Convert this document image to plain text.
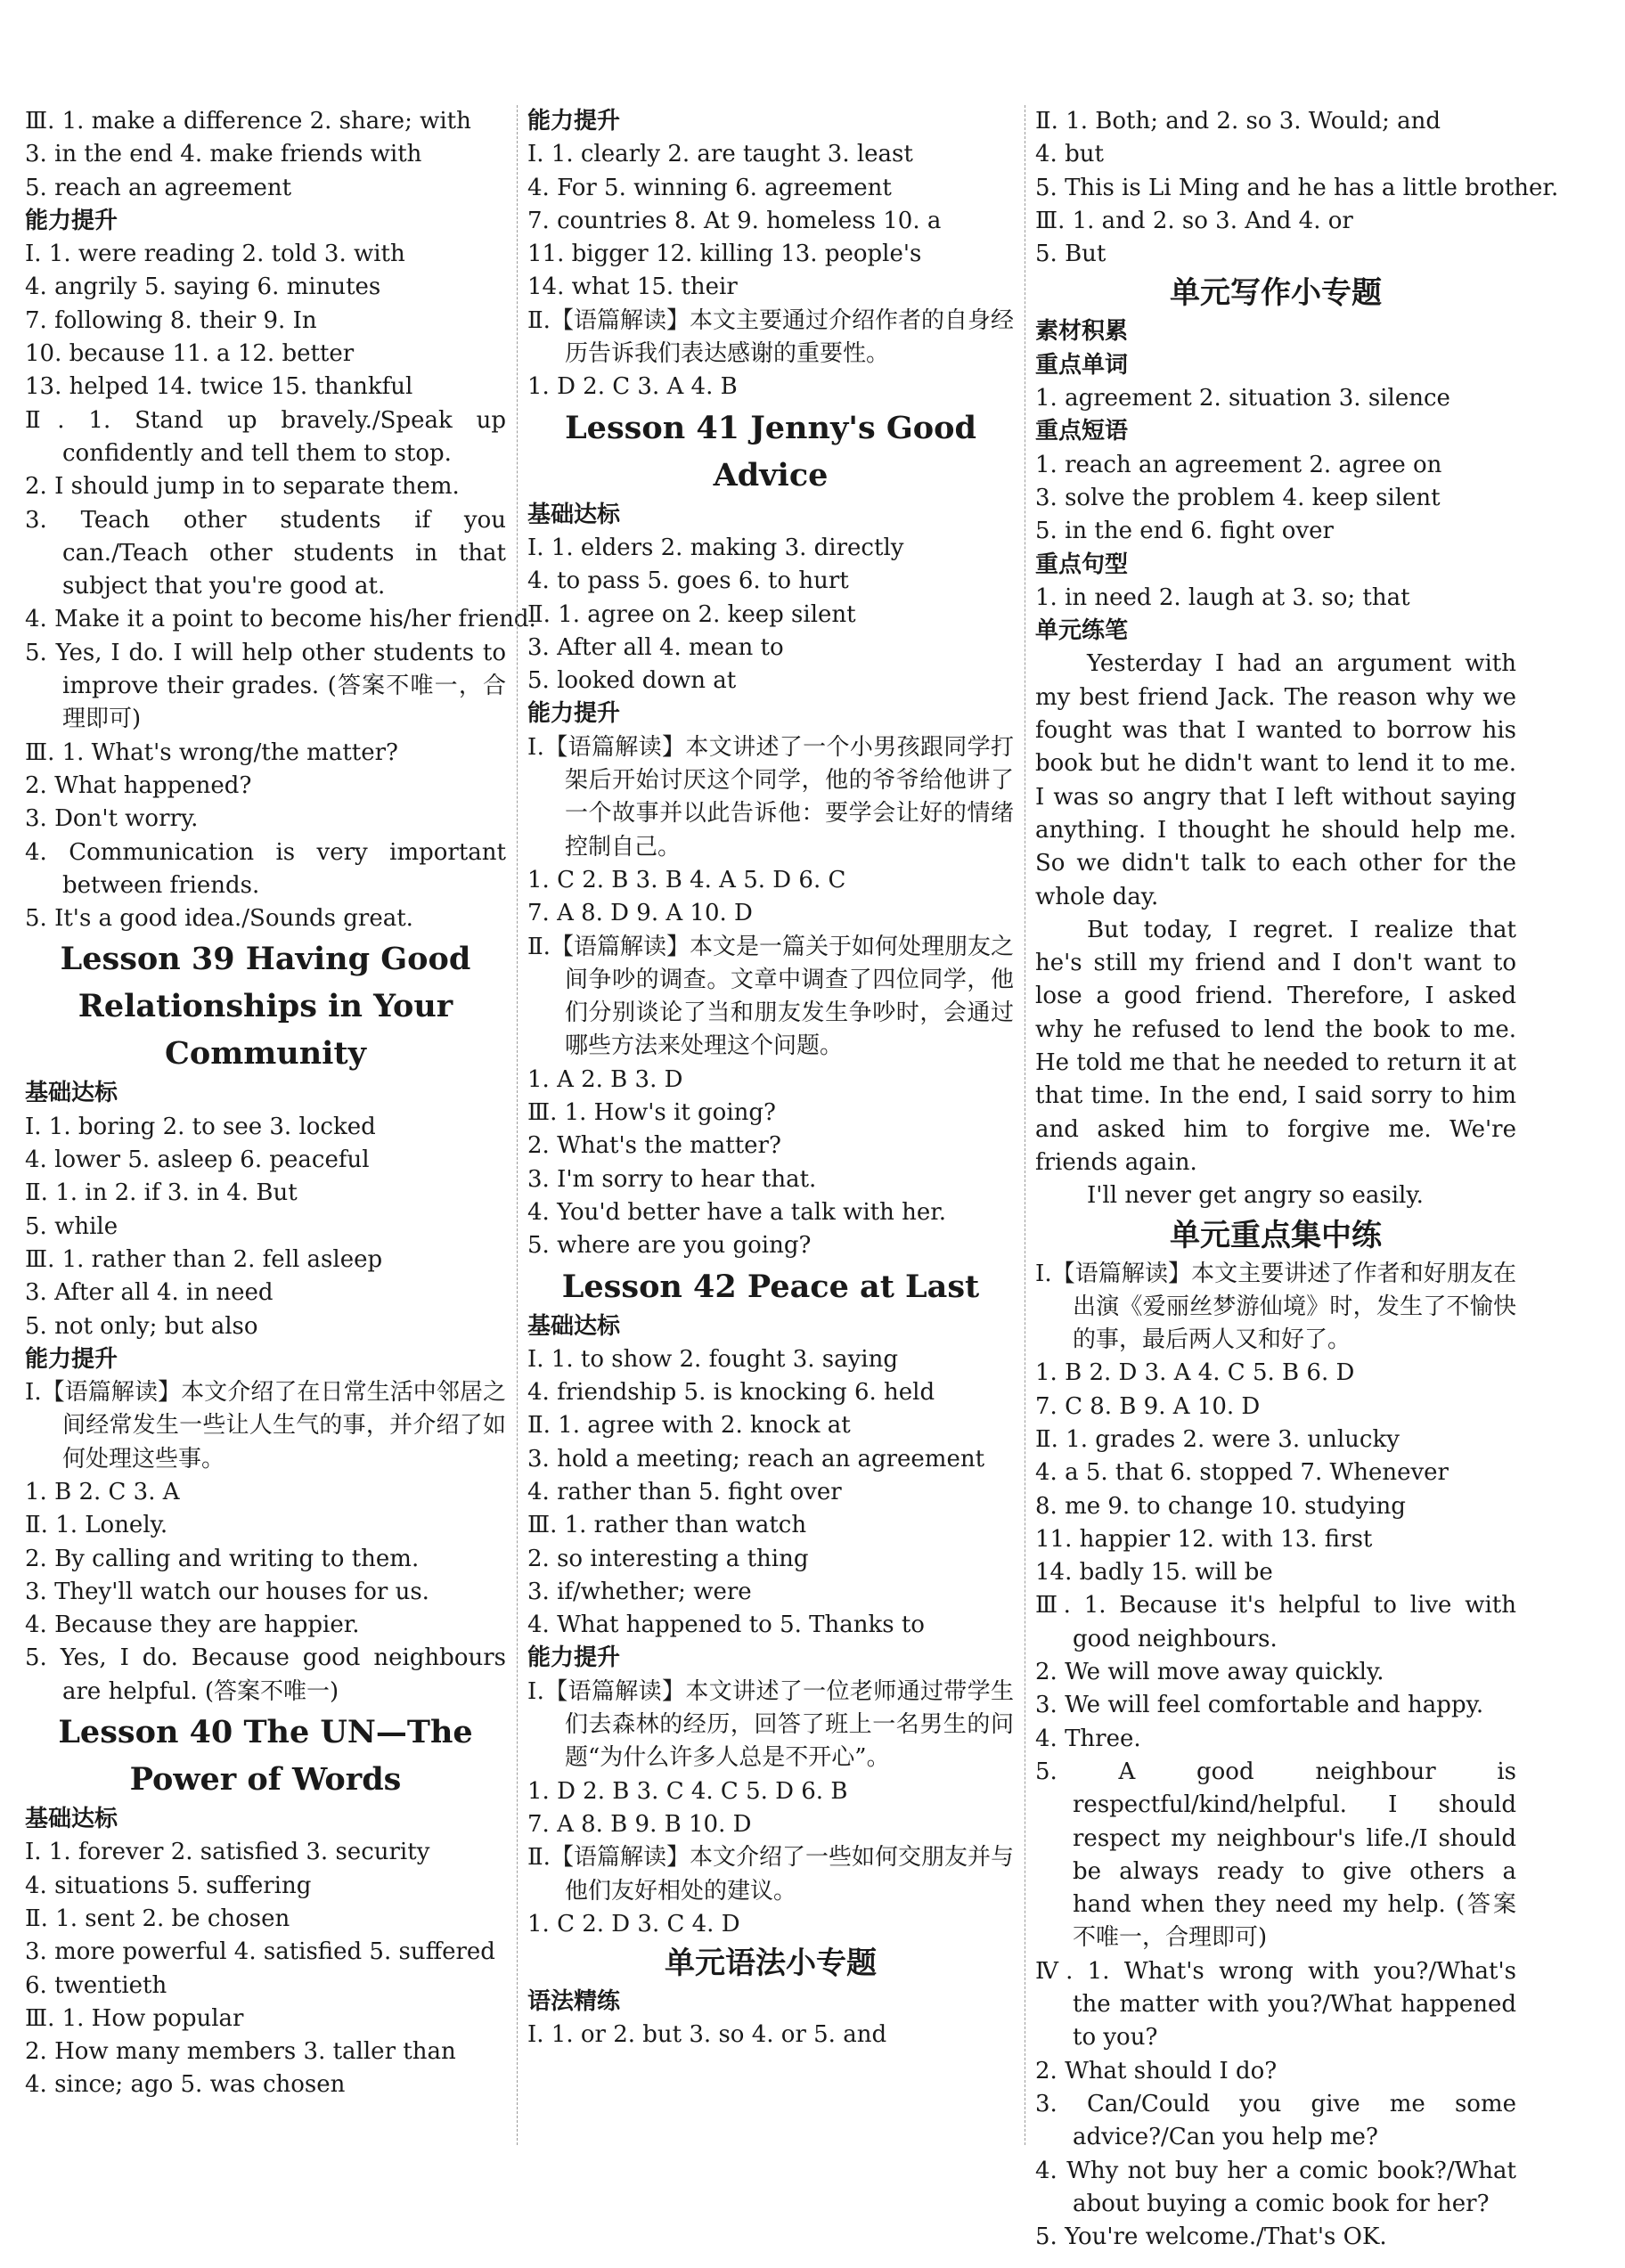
Ⅲ. 1. make a difference 2. share; with
3. in the end 4. make friends with
5. reach an agreement
能力提升
Ⅰ. 1. were reading 2. told 3. with
4. angrily 5. saying 6. minutes
7. following 8. their 9. In
10. because 11. a 12. better
13. helped 14. twice 15. thankful
Ⅱ. 1. Stand up bravely./Speak up confidently and tell them to stop.
2. I should jump in to separate them.
3. Teach other students if you can./Teach other students in that subject that you're good at.
4. Make it a point to become his/her friend.
5. Yes, I do. I will help other students to improve their grades. (答案不唯一，合理即可)
Ⅲ. 1. What's wrong/the matter?
2. What happened?
3. Don't worry.
4. Communication is very important between friends.
5. It's a good idea./Sounds great.
Lesson 39 Having Good Relationships in Your Community
基础达标
Ⅰ. 1. boring 2. to see 3. locked
4. lower 5. asleep 6. peaceful
Ⅱ. 1. in 2. if 3. in 4. But
5. while
Ⅲ. 1. rather than 2. fell asleep
3. After all 4. in need
5. not only; but also
能力提升
Ⅰ.【语篇解读】本文介绍了在日常生活中邻居之间经常发生一些让人生气的事，并介绍了如何处理这些事。
1. B 2. C 3. A
Ⅱ. 1. Lonely.
2. By calling and writing to them.
3. They'll watch our houses for us.
4. Because they are happier.
5. Yes, I do. Because good neighbours are helpful. (答案不唯一)
Lesson 40 The UN—The Power of Words
基础达标
Ⅰ. 1. forever 2. satisfied 3. security
4. situations 5. suffering
Ⅱ. 1. sent 2. be chosen
3. more powerful 4. satisfied 5. suffered
6. twentieth
Ⅲ. 1. How popular
2. How many members 3. taller than
4. since; ago 5. was chosen
能力提升
Ⅰ. 1. clearly 2. are taught 3. least
4. For 5. winning 6. agreement
7. countries 8. At 9. homeless 10. a
11. bigger 12. killing 13. people's
14. what 15. their
Ⅱ.【语篇解读】本文主要通过介绍作者的自身经历告诉我们表达感谢的重要性。
1. D 2. C 3. A 4. B
Lesson 41 Jenny's Good Advice
基础达标
Ⅰ. 1. elders 2. making 3. directly
4. to pass 5. goes 6. to hurt
Ⅱ. 1. agree on 2. keep silent
3. After all 4. mean to
5. looked down at
能力提升
Ⅰ.【语篇解读】本文讲述了一个小男孩跟同学打架后开始讨厌这个同学，他的爷爷给他讲了一个故事并以此告诉他：要学会让好的情绪控制自己。
1. C 2. B 3. B 4. A 5. D 6. C
7. A 8. D 9. A 10. D
Ⅱ.【语篇解读】本文是一篇关于如何处理朋友之间争吵的调查。文章中调查了四位同学，他们分别谈论了当和朋友发生争吵时，会通过哪些方法来处理这个问题。
1. A 2. B 3. D
Ⅲ. 1. How's it going?
2. What's the matter?
3. I'm sorry to hear that.
4. You'd better have a talk with her.
5. where are you going?
Lesson 42 Peace at Last
基础达标
Ⅰ. 1. to show 2. fought 3. saying
4. friendship 5. is knocking 6. held
Ⅱ. 1. agree with 2. knock at
3. hold a meeting; reach an agreement
4. rather than 5. fight over
Ⅲ. 1. rather than watch
2. so interesting a thing
3. if/whether; were
4. What happened to 5. Thanks to
能力提升
Ⅰ.【语篇解读】本文讲述了一位老师通过带学生们去森林的经历，回答了班上一名男生的问题“为什么许多人总是不开心”。
1. D 2. B 3. C 4. C 5. D 6. B
7. A 8. B 9. B 10. D
Ⅱ.【语篇解读】本文介绍了一些如何交朋友并与他们友好相处的建议。
1. C 2. D 3. C 4. D
单元语法小专题
语法精练
Ⅰ. 1. or 2. but 3. so 4. or 5. and
Ⅱ. 1. Both; and 2. so 3. Would; and
4. but
5. This is Li Ming and he has a little brother.
Ⅲ. 1. and 2. so 3. And 4. or
5. But
单元写作小专题
素材积累
重点单词
1. agreement 2. situation 3. silence
重点短语
1. reach an agreement 2. agree on
3. solve the problem 4. keep silent
5. in the end 6. fight over
重点句型
1. in need 2. laugh at 3. so; that
单元练笔
Yesterday I had an argument with my best friend Jack. The reason why we fought was that I wanted to borrow his book but he didn't want to lend it to me. I was so angry that I left without saying anything. I thought he should help me. So we didn't talk to each other for the whole day.
But today, I regret. I realize that he's still my friend and I don't want to lose a good friend. Therefore, I asked why he refused to lend the book to me. He told me that he needed to return it at that time. In the end, I said sorry to him and asked him to forgive me. We're friends again.
I'll never get angry so easily.
单元重点集中练
Ⅰ.【语篇解读】本文主要讲述了作者和好朋友在出演《爱丽丝梦游仙境》时，发生了不愉快的事，最后两人又和好了。
1. B 2. D 3. A 4. C 5. B 6. D
7. C 8. B 9. A 10. D
Ⅱ. 1. grades 2. were 3. unlucky
4. a 5. that 6. stopped 7. Whenever
8. me 9. to change 10. studying
11. happier 12. with 13. first
14. badly 15. will be
Ⅲ. 1. Because it's helpful to live with good neighbours.
2. We will move away quickly.
3. We will feel comfortable and happy.
4. Three.
5. A good neighbour is respectful/kind/helpful. I should respect my neighbour's life./I should be always ready to give others a hand when they need my help. (答案不唯一，合理即可)
Ⅳ. 1. What's wrong with you?/What's the matter with you?/What happened to you?
2. What should I do?
3. Can/Could you give me some advice?/Can you help me?
4. Why not buy her a comic book?/What about buying a comic book for her?
5. You're welcome./That's OK.
